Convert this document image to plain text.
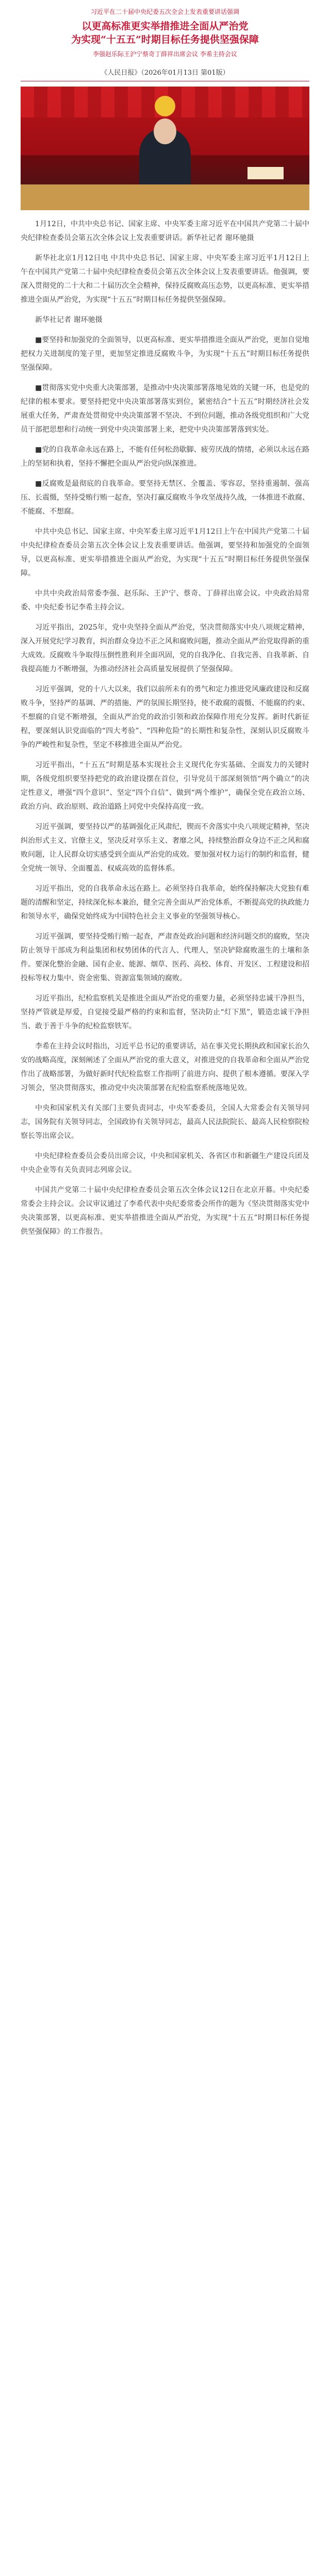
习近平在二十届中央纪委五次全会上发表重要讲话强调

以更高标准更实举措推进全面从严治党
为实现“十五五”时期目标任务提供坚强保障

李强赵乐际王沪宁蔡奇丁薛祥出席会议 李希主持会议

《人民日报》（2026年01月13日 第01版）

1月12日，中共中央总书记、国家主席、中央军委主席习近平在中国共产党第二十届中央纪律检查委员会第五次全体会议上发表重要讲话。新华社记者 谢环驰摄

新华社北京1月12日电 中共中央总书记、国家主席、中央军委主席习近平1月12日上午在中国共产党第二十届中央纪律检查委员会第五次全体会议上发表重要讲话。他强调，要深入贯彻党的二十大和二十届历次全会精神，保持反腐败高压态势，以更高标准、更实举措推进全面从严治党，为实现“十五五”时期目标任务提供坚强保障。

新华社记者 谢环驰摄

■要坚持和加强党的全面领导，以更高标准、更实举措推进全面从严治党，更加自觉地把权力关进制度的笼子里，更加坚定推进反腐败斗争，为实现“十五五”时期目标任务提供坚强保障。

■贯彻落实党中央重大决策部署，是推动中央决策部署落地见效的关键一环，也是党的纪律的根本要求。要坚持把党中央决策部署落实到位，紧密结合“十五五”时期经济社会发展重大任务，严肃查处贯彻党中央决策部署不坚决、不到位问题，推动各级党组织和广大党员干部把思想和行动统一到党中央决策部署上来，把党中央决策部署落到实处。

■党的自我革命永远在路上，不能有任何松劲歇脚、疲劳厌战的情绪，必须以永远在路上的坚韧和执着，坚持不懈把全面从严治党向纵深推进。

■反腐败是最彻底的自我革命。要坚持无禁区、全覆盖、零容忍，坚持重遏制、强高压、长震慑，坚持受贿行贿一起查，坚决打赢反腐败斗争攻坚战持久战，一体推进不敢腐、不能腐、不想腐。

中共中央总书记、国家主席、中央军委主席习近平1月12日上午在中国共产党第二十届中央纪律检查委员会第五次全体会议上发表重要讲话。他强调，要坚持和加强党的全面领导，以更高标准、更实举措推进全面从严治党，为实现“十五五”时期目标任务提供坚强保障。

中共中央政治局常委李强、赵乐际、王沪宁、蔡奇、丁薛祥出席会议。中央政治局常委、中央纪委书记李希主持会议。

习近平指出，2025年，党中央坚持全面从严治党，坚决贯彻落实中央八项规定精神，深入开展党纪学习教育，纠治群众身边不正之风和腐败问题，推动全面从严治党取得新的重大成效。反腐败斗争取得压倒性胜利并全面巩固，党的自我净化、自我完善、自我革新、自我提高能力不断增强，为推动经济社会高质量发展提供了坚强保障。

习近平强调，党的十八大以来，我们以前所未有的勇气和定力推进党风廉政建设和反腐败斗争，坚持严的基调、严的措施、严的氛围长期坚持，使不敢腐的震慑、不能腐的约束、不想腐的自觉不断增强，全面从严治党的政治引领和政治保障作用充分发挥。新时代新征程，要深刻认识党面临的“四大考验”、“四种危险”的长期性和复杂性，深刻认识反腐败斗争的严峻性和复杂性，坚定不移推进全面从严治党。

习近平指出，“十五五”时期是基本实现社会主义现代化夯实基础、全面发力的关键时期，各级党组织要坚持把党的政治建设摆在首位，引导党员干部深刻领悟“两个确立”的决定性意义，增强“四个意识”、坚定“四个自信”、做到“两个维护”，确保全党在政治立场、政治方向、政治原则、政治道路上同党中央保持高度一致。

习近平强调，要坚持以严的基调强化正风肃纪，锲而不舍落实中央八项规定精神，坚决纠治形式主义、官僚主义，坚决反对享乐主义、奢靡之风，持续整治群众身边不正之风和腐败问题，让人民群众切实感受到全面从严治党的成效。要加强对权力运行的制约和监督，健全党统一领导、全面覆盖、权威高效的监督体系。

习近平指出，党的自我革命永远在路上。必须坚持自我革命，始终保持解决大党独有难题的清醒和坚定，持续深化标本兼治，健全完善全面从严治党体系，不断提高党的执政能力和领导水平，确保党始终成为中国特色社会主义事业的坚强领导核心。

习近平强调，要坚持受贿行贿一起查，严肃查处政治问题和经济问题交织的腐败，坚决防止领导干部成为利益集团和权势团体的代言人、代理人，坚决铲除腐败滋生的土壤和条件。要深化整治金融、国有企业、能源、烟草、医药、高校、体育、开发区、工程建设和招投标等权力集中、资金密集、资源富集领域的腐败。

习近平指出，纪检监察机关是推进全面从严治党的重要力量，必须坚持忠诚干净担当，坚持严管就是厚爱，自觉接受最严格的约束和监督，坚决防止“灯下黑”，锻造忠诚干净担当、敢于善于斗争的纪检监察铁军。

李希在主持会议时指出，习近平总书记的重要讲话，站在事关党长期执政和国家长治久安的战略高度，深刻阐述了全面从严治党的重大意义，对推进党的自我革命和全面从严治党作出了战略部署，为做好新时代纪检监察工作指明了前进方向、提供了根本遵循。要深入学习领会，坚决贯彻落实，推动党中央决策部署在纪检监察系统落地见效。

中央和国家机关有关部门主要负责同志，中央军委委员，全国人大常委会有关领导同志，国务院有关领导同志，全国政协有关领导同志，最高人民法院院长、最高人民检察院检察长等出席会议。

中央纪律检查委员会委员出席会议，中央和国家机关、各省区市和新疆生产建设兵团及中央企业等有关负责同志列席会议。

中国共产党第二十届中央纪律检查委员会第五次全体会议12日在北京开幕。中央纪委常委会主持会议。会议审议通过了李希代表中央纪委常委会所作的题为《坚决贯彻落实党中央决策部署，以更高标准、更实举措推进全面从严治党，为实现“十五五”时期目标任务提供坚强保障》的工作报告。
